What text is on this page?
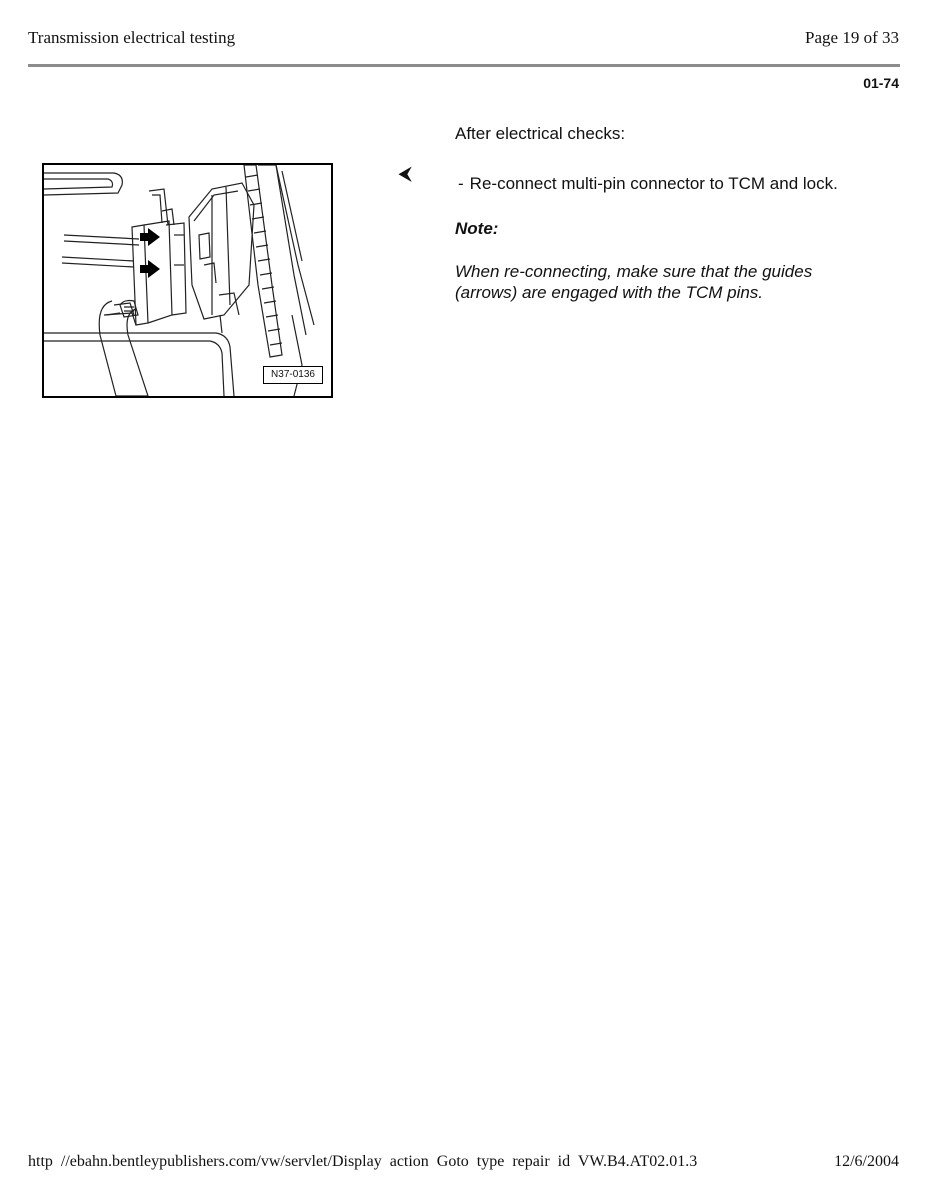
Transmission electrical testing	Page 19 of 33
01-74
N37-0136
⮜
After electrical checks:
- Re-connect multi-pin connector to TCM and lock.
Note:
When re-connecting, make sure that the guides (arrows) are engaged with the TCM pins.
http //ebahn.bentleypublishers.com/vw/servlet/Display action Goto type repair id VW.B4.AT02.01.3	12/6/2004
